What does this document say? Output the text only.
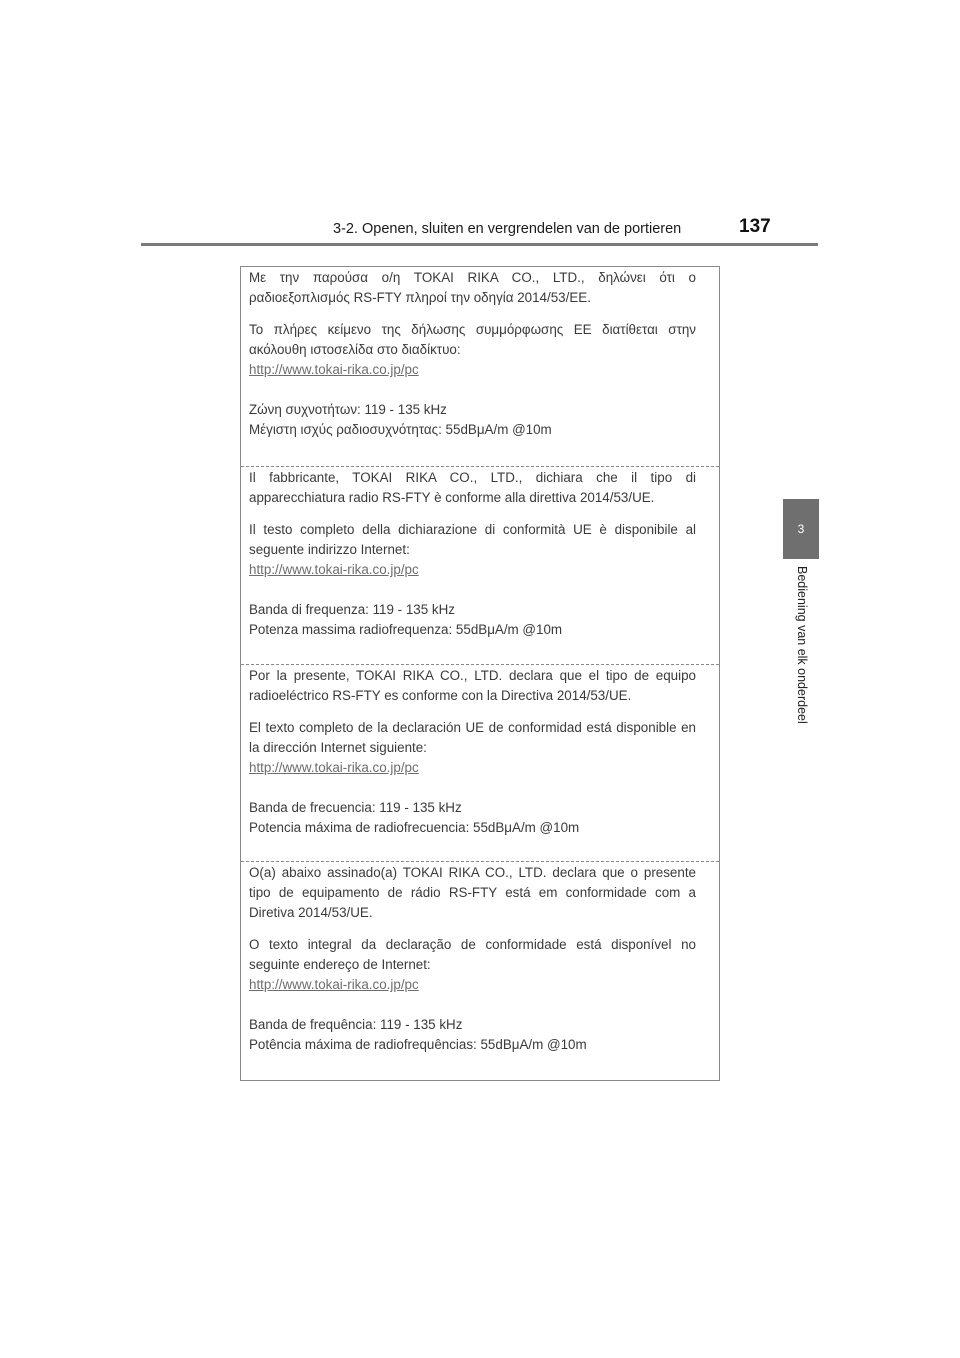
3-2. Openen, sluiten en vergrendelen van de portieren	137
3
Bediening van elk onderdeel

Με την παρούσα ο/η TOKAI RIKA CO., LTD., δηλώνει ότι ο ραδιοεξοπλισμός RS-FTY πληροί την οδηγία 2014/53/ΕΕ.

Το πλήρες κείμενο της δήλωσης συμμόρφωσης ΕΕ διατίθεται στην ακόλουθη ιστοσελίδα στο διαδίκτυο:

http://www.tokai-rika.co.jp/pc

Ζώνη συχνοτήτων: 119 - 135 kHz

Μέγιστη ισχύς ραδιοσυχνότητας: 55dBμA/m @10m

Il fabbricante, TOKAI RIKA CO., LTD., dichiara che il tipo di apparecchiatura radio RS-FTY è conforme alla direttiva 2014/53/UE.

Il testo completo della dichiarazione di conformità UE è disponibile al seguente indirizzo Internet:

http://www.tokai-rika.co.jp/pc

Banda di frequenza: 119 - 135 kHz

Potenza massima radiofrequenza: 55dBμA/m @10m

Por la presente, TOKAI RIKA CO., LTD. declara que el tipo de equipo radioeléctrico RS-FTY es conforme con la Directiva 2014/53/UE.

El texto completo de la declaración UE de conformidad está disponible en la dirección Internet siguiente:

http://www.tokai-rika.co.jp/pc

Banda de frecuencia: 119 - 135 kHz

Potencia máxima de radiofrecuencia: 55dBμA/m @10m

O(a) abaixo assinado(a) TOKAI RIKA CO., LTD. declara que o presente tipo de equipamento de rádio RS-FTY está em conformidade com a Diretiva 2014/53/UE.

O texto integral da declaração de conformidade está disponível no seguinte endereço de Internet:

http://www.tokai-rika.co.jp/pc

Banda de frequência: 119 - 135 kHz

Potência máxima de radiofrequências: 55dBμA/m @10m
